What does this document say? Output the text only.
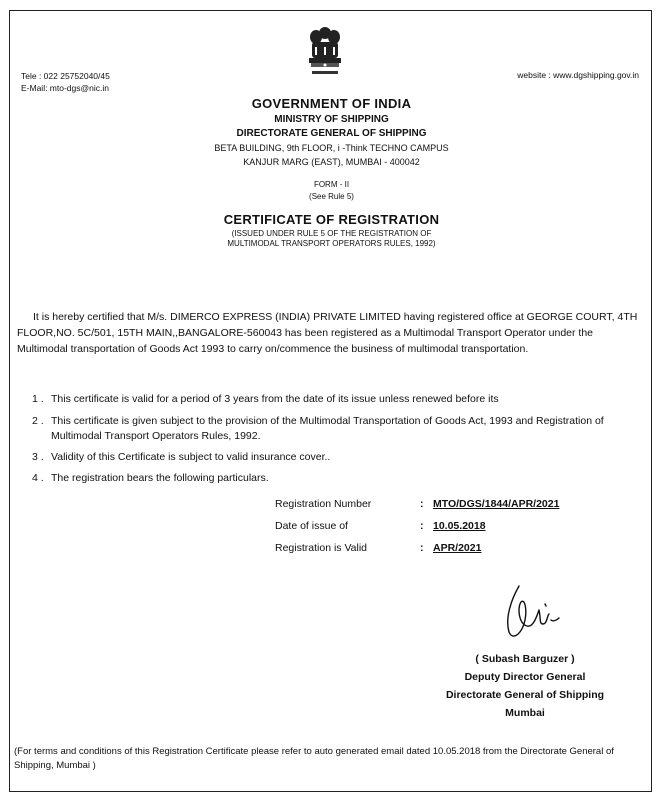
Tele : 022 25752040/45
E-Mail: mto-dgs@nic.in
website : www.dgshipping.gov.in
GOVERNMENT OF INDIA
MINISTRY OF SHIPPING
DIRECTORATE GENERAL OF SHIPPING
BETA BUILDING, 9th FLOOR, i -Think TECHNO CAMPUS
KANJUR MARG (EAST), MUMBAI - 400042
FORM - II
(See Rule 5)
CERTIFICATE OF REGISTRATION
(ISSUED UNDER RULE 5 OF THE REGISTRATION OF
MULTIMODAL TRANSPORT OPERATORS RULES, 1992)
It is hereby certified that M/s. DIMERCO EXPRESS (INDIA) PRIVATE LIMITED having registered office at GEORGE COURT, 4TH FLOOR,NO. 5C/501, 15TH MAIN,,BANGALORE-560043 has been registered as a Multimodal Transport Operator under the Multimodal transportation of Goods Act 1993 to carry on/commence the business of multimodal transportation.
1 . This certificate is valid for a period of 3 years from the date of its issue unless renewed before its
2 . This certificate is given subject to the provision of the Multimodal Transportation of Goods Act, 1993 and Registration of Multimodal Transport Operators Rules, 1992.
3 . Validity of this Certificate is subject to valid insurance cover..
4 . The registration bears the following particulars.
Registration Number	: MTO/DGS/1844/APR/2021
Date of issue of	: 10.05.2018
Registration is Valid	: APR/2021
( Subash Barguzer )
Deputy Director General
Directorate General of Shipping
Mumbai
(For terms and conditions of this Registration Certificate please refer to auto generated email dated 10.05.2018 from the Directorate General of Shipping, Mumbai )
